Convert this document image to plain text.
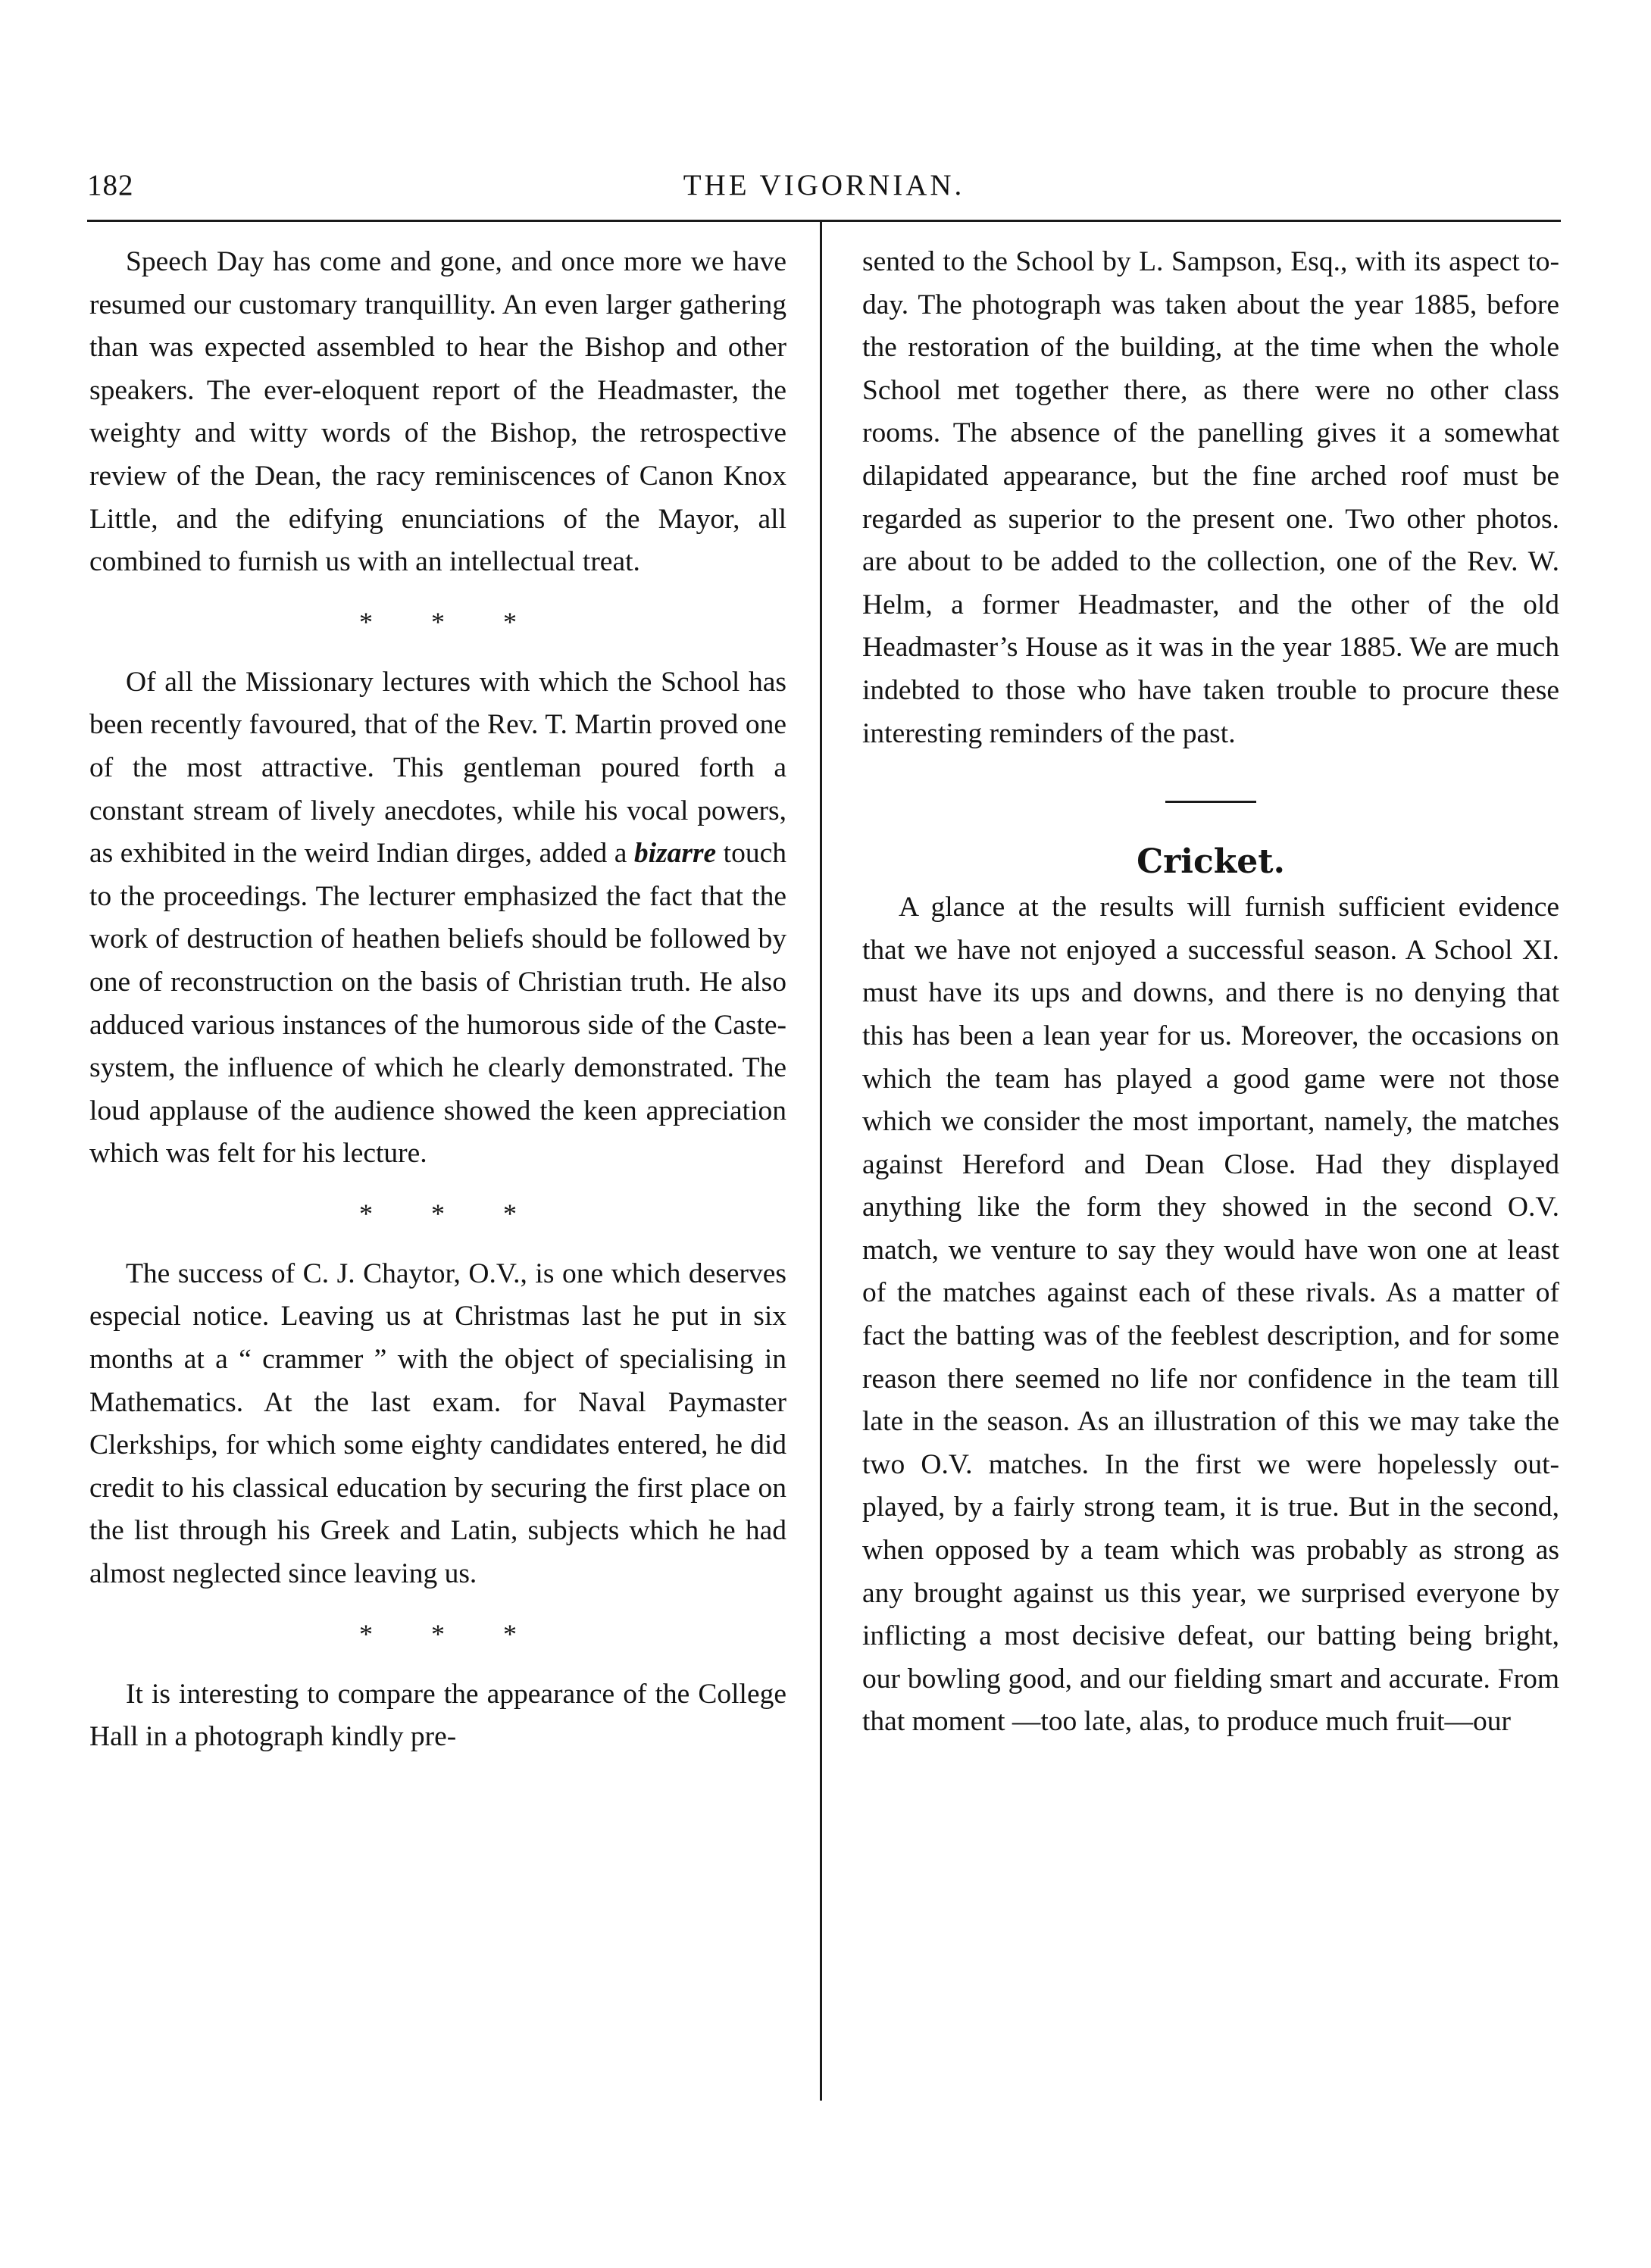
182	THE VIGORNIAN.

Speech Day has come and gone, and once more we have resumed our customary tranquillity. An even larger gathering than was expected assembled to hear the Bishop and other speakers. The ever-eloquent report of the Headmaster, the weighty and witty words of the Bishop, the retrospective review of the Dean, the racy reminiscences of Canon Knox Little, and the edifying enunciations of the Mayor, all combined to furnish us with an intellectual treat.

* * *

Of all the Missionary lectures with which the School has been recently favoured, that of the Rev. T. Martin proved one of the most attractive. This gentleman poured forth a constant stream of lively anecdotes, while his vocal powers, as exhibited in the weird Indian dirges, added a bizarre touch to the proceedings. The lecturer emphasized the fact that the work of destruction of heathen beliefs should be followed by one of reconstruction on the basis of Christian truth. He also adduced various instances of the humorous side of the Caste-system, the influence of which he clearly demonstrated. The loud applause of the audience showed the keen appreciation which was felt for his lecture.

* * *

The success of C. J. Chaytor, O.V., is one which deserves especial notice. Leaving us at Christmas last he put in six months at a “ crammer ” with the object of specialising in Mathematics. At the last exam. for Naval Paymaster Clerkships, for which some eighty candidates entered, he did credit to his classical education by securing the first place on the list through his Greek and Latin, subjects which he had almost neglected since leaving us.

* * *

It is interesting to compare the appearance of the College Hall in a photograph kindly pre-

sented to the School by L. Sampson, Esq., with its aspect to-day. The photograph was taken about the year 1885, before the restoration of the building, at the time when the whole School met together there, as there were no other class rooms. The absence of the panelling gives it a somewhat dilapidated appearance, but the fine arched roof must be regarded as superior to the present one. Two other photos. are about to be added to the collection, one of the Rev. W. Helm, a former Headmaster, and the other of the old Headmaster’s House as it was in the year 1885. We are much indebted to those who have taken trouble to procure these interesting reminders of the past.

Cricket.

A glance at the results will furnish sufficient evidence that we have not enjoyed a successful season. A School XI. must have its ups and downs, and there is no denying that this has been a lean year for us. Moreover, the occasions on which the team has played a good game were not those which we consider the most important, namely, the matches against Hereford and Dean Close. Had they displayed anything like the form they showed in the second O.V. match, we venture to say they would have won one at least of the matches against each of these rivals. As a matter of fact the batting was of the feeblest description, and for some reason there seemed no life nor confidence in the team till late in the season. As an illustration of this we may take the two O.V. matches. In the first we were hopelessly out-played, by a fairly strong team, it is true. But in the second, when opposed by a team which was probably as strong as any brought against us this year, we surprised everyone by inflicting a most decisive defeat, our batting being bright, our bowling good, and our fielding smart and accurate. From that moment —too late, alas, to produce much fruit—our
